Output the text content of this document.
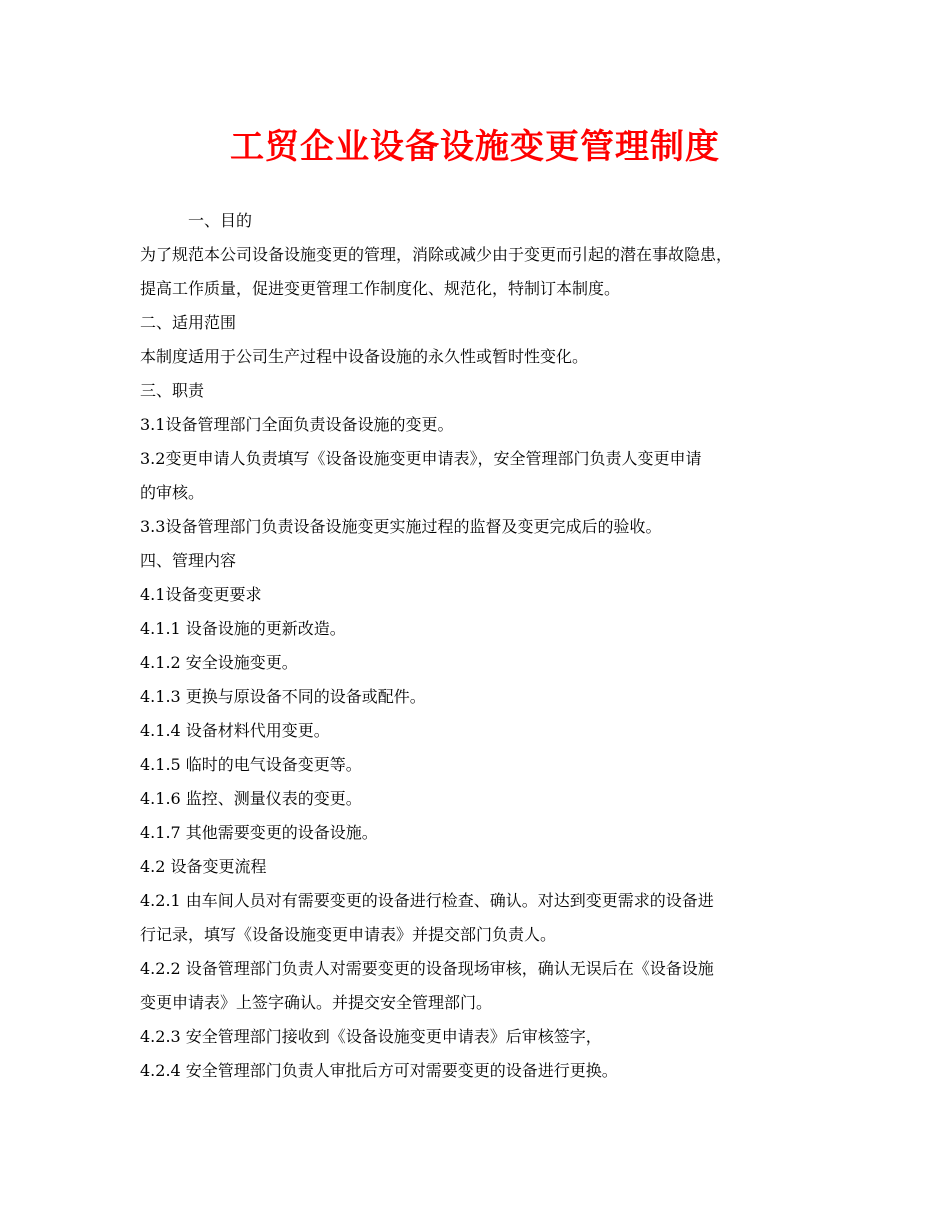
工贸企业设备设施变更管理制度

一、目的

为了规范本公司设备设施变更的管理，消除或减少由于变更而引起的潜在事故隐患，

提高工作质量，促进变更管理工作制度化、规范化，特制订本制度。

二、适用范围

本制度适用于公司生产过程中设备设施的永久性或暂时性变化。

三、职责

3.1设备管理部门全面负责设备设施的变更。

3.2变更申请人负责填写《设备设施变更申请表》，安全管理部门负责人变更申请

的审核。

3.3设备管理部门负责设备设施变更实施过程的监督及变更完成后的验收。

四、管理内容

4.1设备变更要求

4.1.1 设备设施的更新改造。

4.1.2 安全设施变更。

4.1.3 更换与原设备不同的设备或配件。

4.1.4 设备材料代用变更。

4.1.5 临时的电气设备变更等。

4.1.6 监控、测量仪表的变更。

4.1.7 其他需要变更的设备设施。

4.2 设备变更流程

4.2.1 由车间人员对有需要变更的设备进行检查、确认。对达到变更需求的设备进

行记录，填写《设备设施变更申请表》并提交部门负责人。

4.2.2 设备管理部门负责人对需要变更的设备现场审核，确认无误后在《设备设施

变更申请表》上签字确认。并提交安全管理部门。

4.2.3 安全管理部门接收到《设备设施变更申请表》后审核签字，

4.2.4 安全管理部门负责人审批后方可对需要变更的设备进行更换。
